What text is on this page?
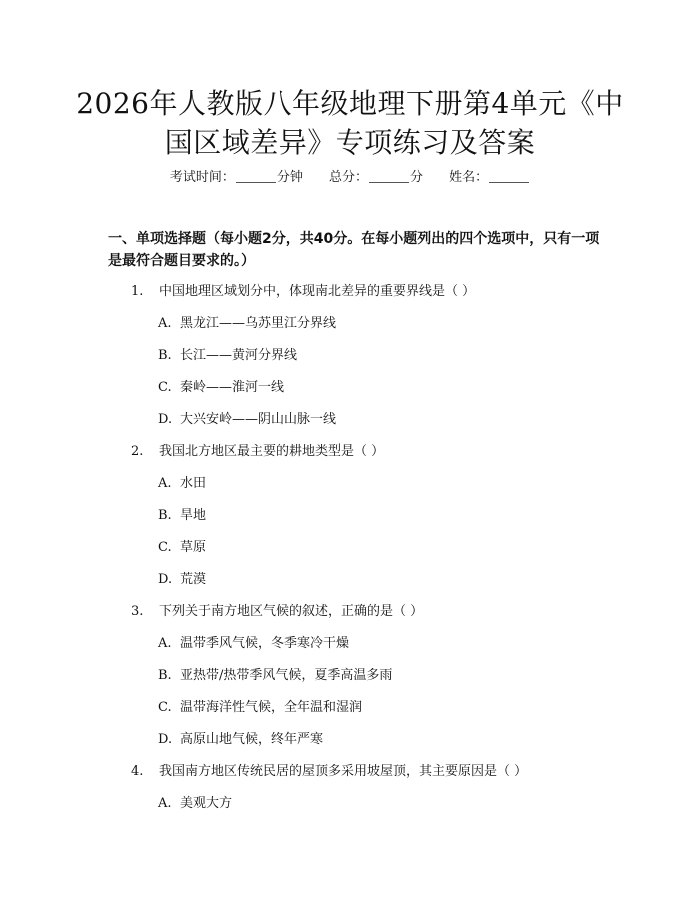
2026年人教版八年级地理下册第4单元《中
国区域差异》专项练习及答案
考试时间：	分钟 总分：	分 姓名：
一、单项选择题（每小题2分，共40分。在每小题列出的四个选项中，只有一项
是最符合题目要求的。）
1. 中国地理区域划分中，体现南北差异的重要界线是（ ）
A. 黑龙江——乌苏里江分界线
B. 长江——黄河分界线
C. 秦岭——淮河一线
D. 大兴安岭——阴山山脉一线
2. 我国北方地区最主要的耕地类型是（ ）
A. 水田
B. 旱地
C. 草原
D. 荒漠
3. 下列关于南方地区气候的叙述，正确的是（ ）
A. 温带季风气候，冬季寒冷干燥
B. 亚热带/热带季风气候，夏季高温多雨
C. 温带海洋性气候，全年温和湿润
D. 高原山地气候，终年严寒
4. 我国南方地区传统民居的屋顶多采用坡屋顶，其主要原因是（ ）
A. 美观大方
